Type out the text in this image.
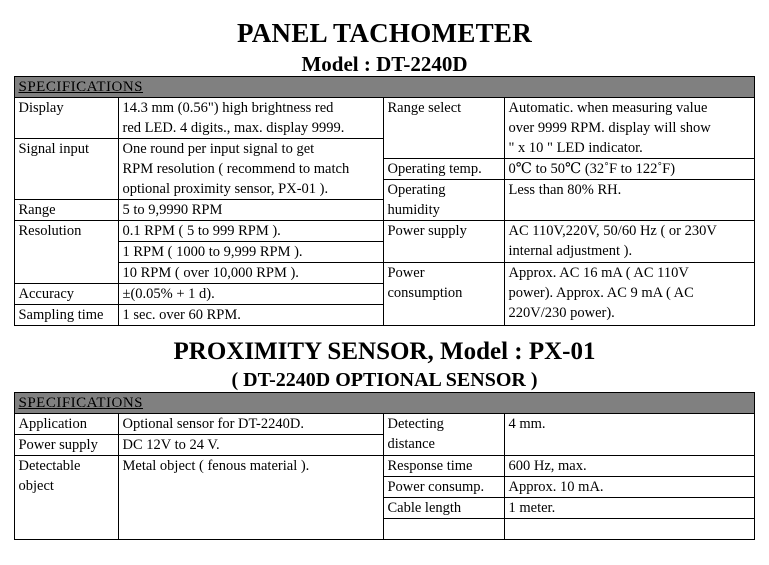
PANEL TACHOMETER
Model : DT-2240D
SPECIFICATIONS			

Display	14.3 mm (0.56") high brightness red
red LED. 4 digits., max. display 9999.	Range select	Automatic. when measuring value
over 9999 RPM. display will show
" x 10 " LED indicator.

Signal input	One round per input signal to get
RPM resolution ( recommend to match
optional proximity sensor, PX-01 ).		

		Operating temp.	0℃ to 50℃ (32˚F to 122˚F)

		Operating
humidity	Less than 80% RH.

Range	5 to 9,9990 RPM		

Resolution	0.1 RPM ( 5 to 999 RPM ).	Power supply	AC 110V,220V, 50/60 Hz ( or 230V
internal adjustment ).

	1 RPM ( 1000 to 9,999 RPM ).		

	10 RPM ( over 10,000 RPM ).	Power
consumption	Approx. AC 16 mA ( AC 110V
power). Approx. AC 9 mA ( AC
220V/230 power).

Accuracy	±(0.05% + 1 d).		

Sampling time	1 sec. over 60 RPM.		
PROXIMITY SENSOR, Model : PX-01
( DT-2240D OPTIONAL SENSOR )
SPECIFICATIONS			

Application	Optional sensor for DT-2240D.	Detecting
distance	4 mm.

Power supply	DC 12V to 24 V.		

Detectable
object	Metal object ( fenous material ).	Response time	600 Hz, max.

		Power consump.	Approx. 10 mA.

		Cable length	1 meter.
